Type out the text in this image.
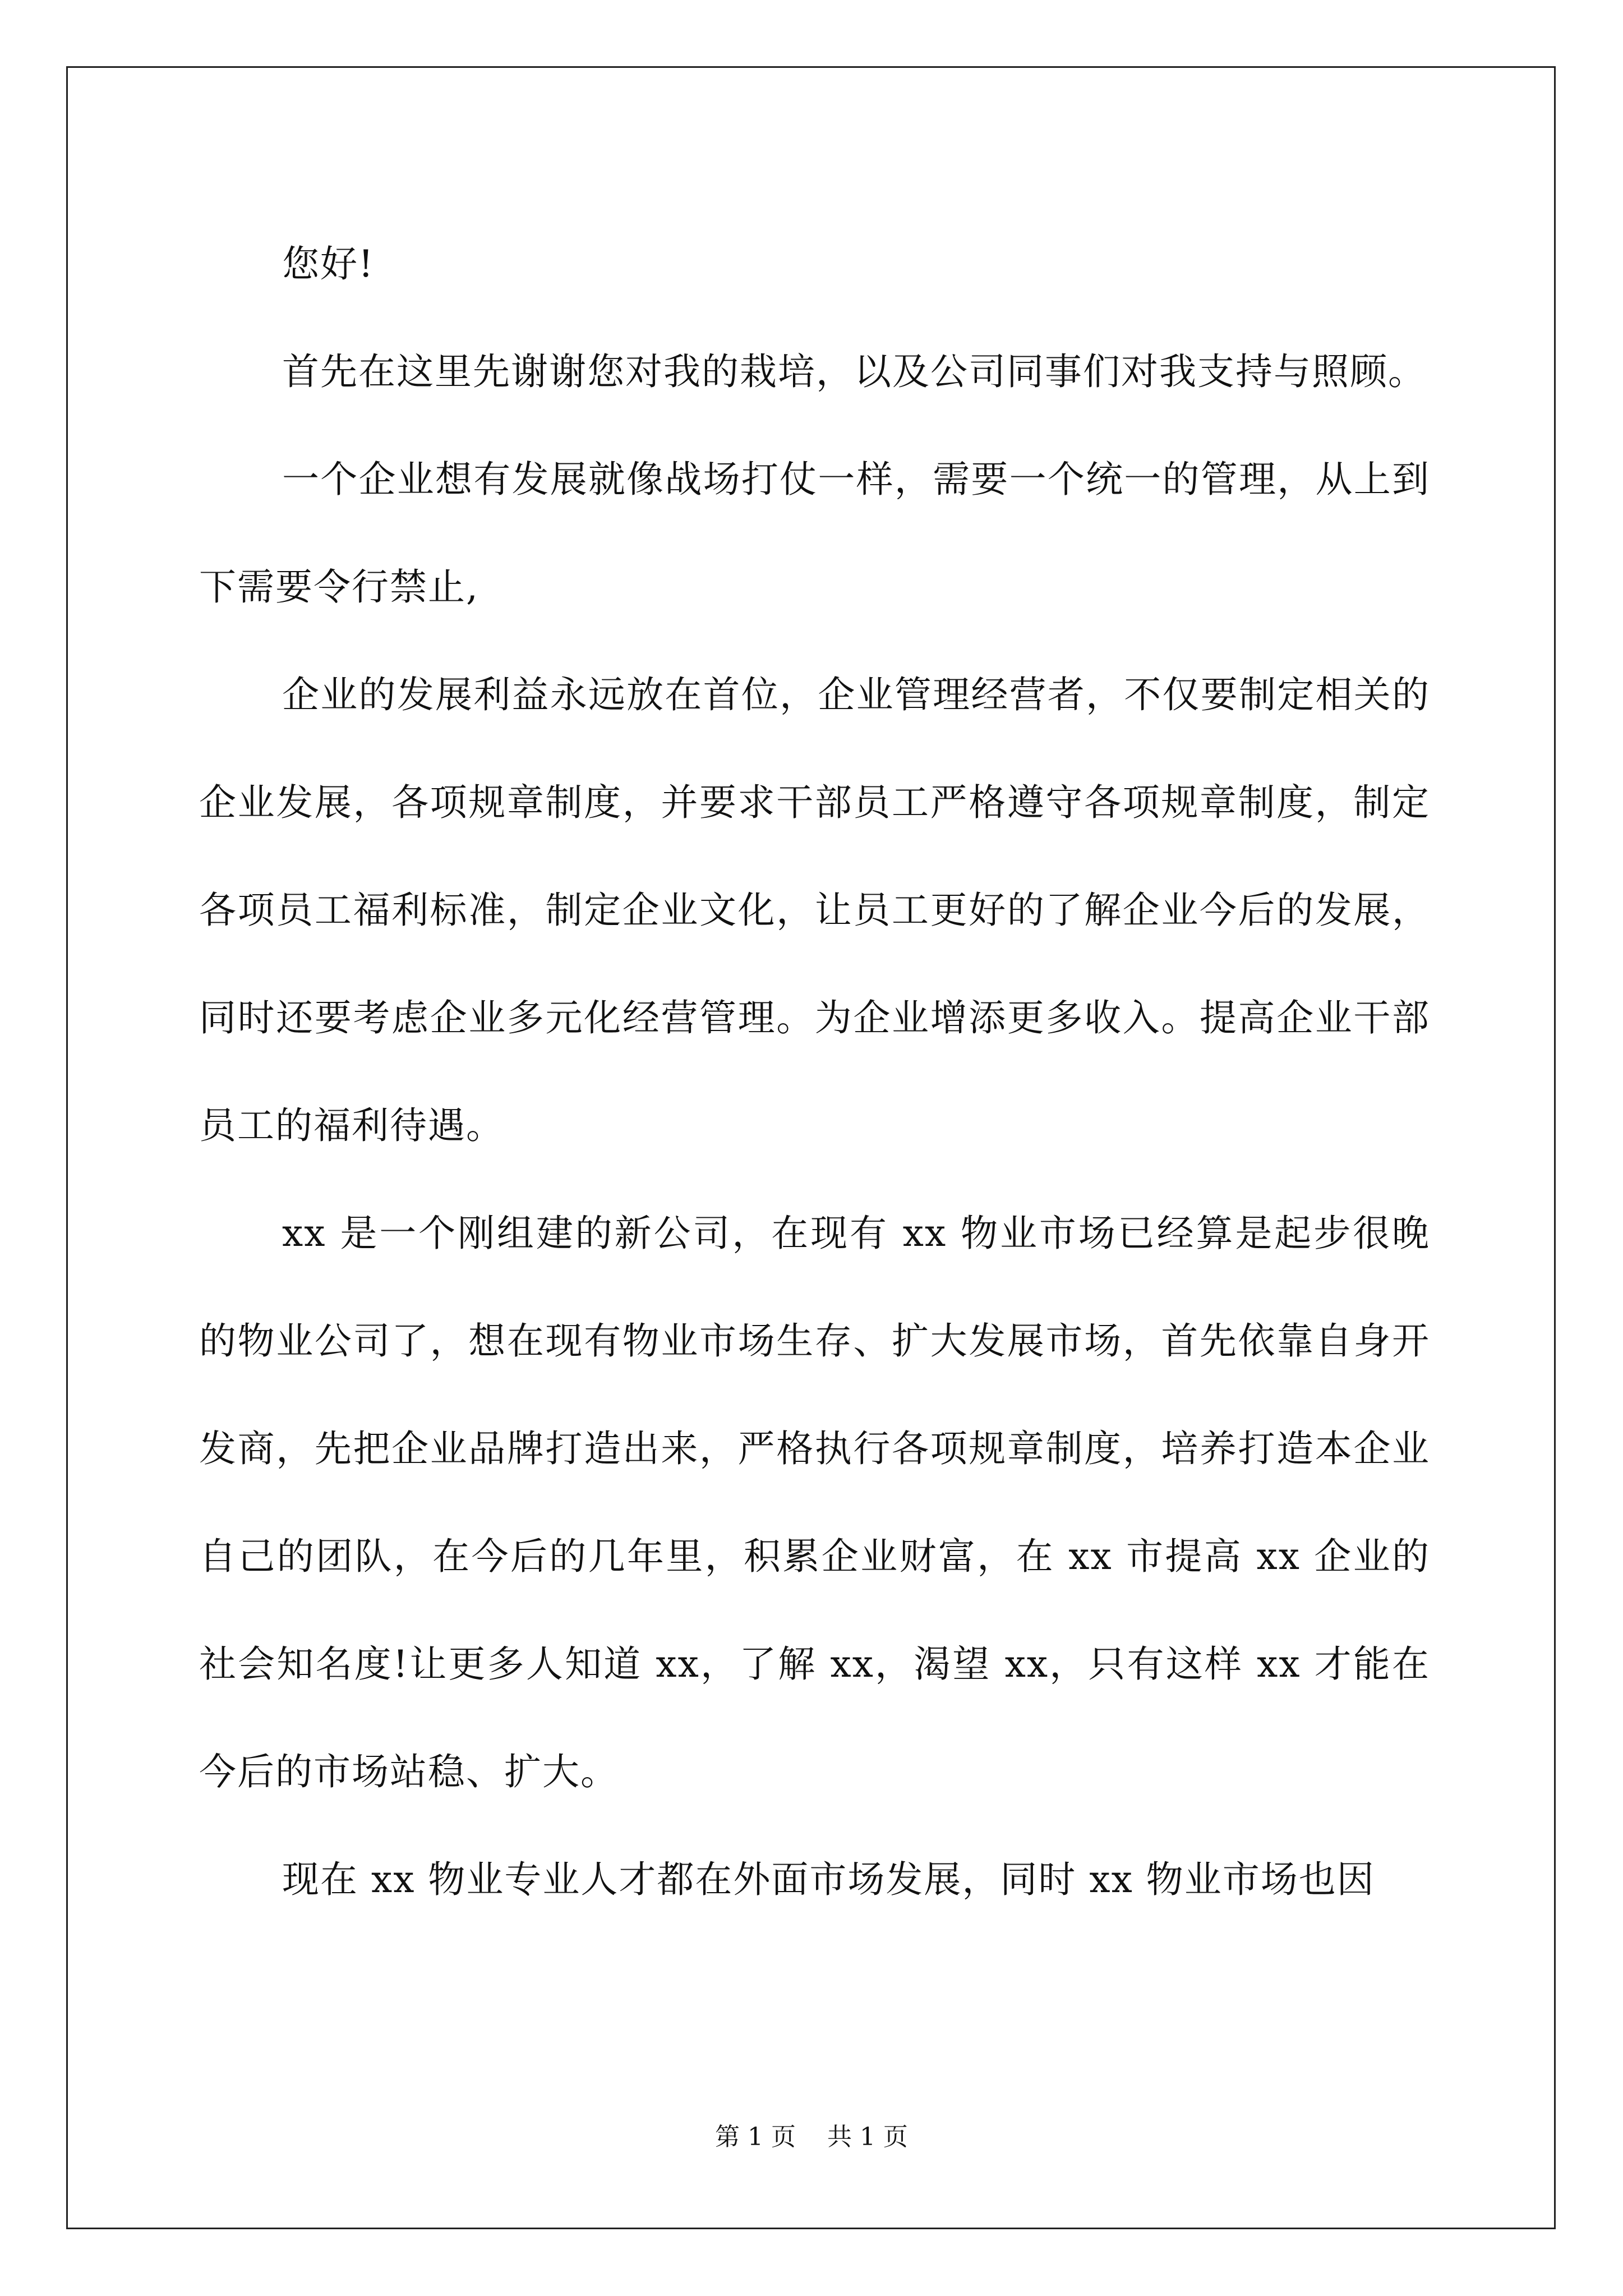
您好!

首先在这里先谢谢您对我的栽培，以及公司同事们对我支持与照顾。

一个企业想有发展就像战场打仗一样，需要一个统一的管理，从上到下需要令行禁止,

企业的发展利益永远放在首位，企业管理经营者，不仅要制定相关的企业发展，各项规章制度，并要求干部员工严格遵守各项规章制度，制定各项员工福利标准，制定企业文化，让员工更好的了解企业今后的发展，同时还要考虑企业多元化经营管理。为企业增添更多收入。提高企业干部员工的福利待遇。

xx 是一个刚组建的新公司，在现有 xx 物业市场已经算是起步很晚的物业公司了，想在现有物业市场生存、扩大发展市场，首先依靠自身开发商，先把企业品牌打造出来，严格执行各项规章制度，培养打造本企业自己的团队，在今后的几年里，积累企业财富，在 xx 市提高 xx 企业的社会知名度!让更多人知道 xx，了解 xx，渴望 xx，只有这样 xx 才能在今后的市场站稳、扩大。

现在 xx 物业专业人才都在外面市场发展，同时 xx 物业市场也因

第 1 页    共 1 页
